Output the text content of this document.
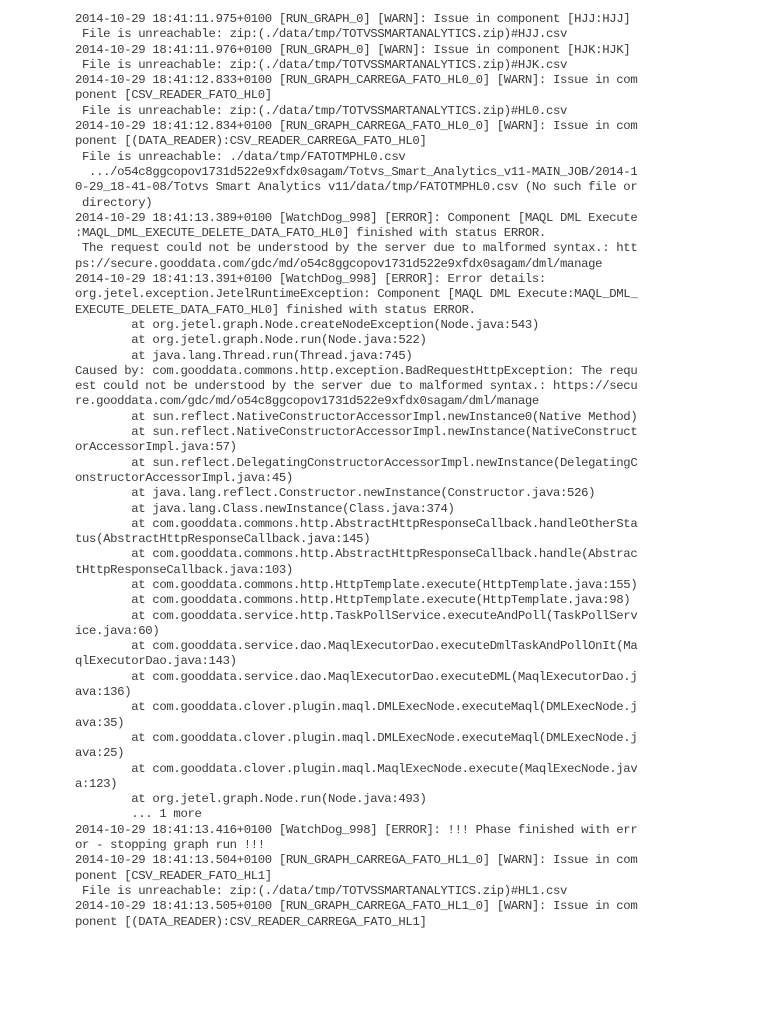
2014-10-29 18:41:11.975+0100 [RUN_GRAPH_0] [WARN]: Issue in component [HJJ:HJJ]
File is unreachable: zip:(./data/tmp/TOTVSSMARTANALYTICS.zip)#HJJ.csv
2014-10-29 18:41:11.976+0100 [RUN_GRAPH_0] [WARN]: Issue in component [HJK:HJK]
File is unreachable: zip:(./data/tmp/TOTVSSMARTANALYTICS.zip)#HJK.csv
2014-10-29 18:41:12.833+0100 [RUN_GRAPH_CARREGA_FATO_HL0_0] [WARN]: Issue in com
ponent [CSV_READER_FATO_HL0]
File is unreachable: zip:(./data/tmp/TOTVSSMARTANALYTICS.zip)#HL0.csv
2014-10-29 18:41:12.834+0100 [RUN_GRAPH_CARREGA_FATO_HL0_0] [WARN]: Issue in com
ponent [(DATA_READER):CSV_READER_CARREGA_FATO_HL0]
File is unreachable: ./data/tmp/FATOTMPHL0.csv
.../o54c8ggcopov1731d522e9xfdx0sagam/Totvs_Smart_Analytics_v11-MAIN_JOB/2014-1
0-29_18-41-08/Totvs Smart Analytics v11/data/tmp/FATOTMPHL0.csv (No such file or
directory)
2014-10-29 18:41:13.389+0100 [WatchDog_998] [ERROR]: Component [MAQL DML Execute
:MAQL_DML_EXECUTE_DELETE_DATA_FATO_HL0] finished with status ERROR.
The request could not be understood by the server due to malformed syntax.: htt
ps://secure.gooddata.com/gdc/md/o54c8ggcopov1731d522e9xfdx0sagam/dml/manage
2014-10-29 18:41:13.391+0100 [WatchDog_998] [ERROR]: Error details:
org.jetel.exception.JetelRuntimeException: Component [MAQL DML Execute:MAQL_DML_
EXECUTE_DELETE_DATA_FATO_HL0] finished with status ERROR.
at org.jetel.graph.Node.createNodeException(Node.java:543)
at org.jetel.graph.Node.run(Node.java:522)
at java.lang.Thread.run(Thread.java:745)
Caused by: com.gooddata.commons.http.exception.BadRequestHttpException: The requ
est could not be understood by the server due to malformed syntax.: https://secu
re.gooddata.com/gdc/md/o54c8ggcopov1731d522e9xfdx0sagam/dml/manage
at sun.reflect.NativeConstructorAccessorImpl.newInstance0(Native Method)
at sun.reflect.NativeConstructorAccessorImpl.newInstance(NativeConstruct
orAccessorImpl.java:57)
at sun.reflect.DelegatingConstructorAccessorImpl.newInstance(DelegatingC
onstructorAccessorImpl.java:45)
at java.lang.reflect.Constructor.newInstance(Constructor.java:526)
at java.lang.Class.newInstance(Class.java:374)
at com.gooddata.commons.http.AbstractHttpResponseCallback.handleOtherSta
tus(AbstractHttpResponseCallback.java:145)
at com.gooddata.commons.http.AbstractHttpResponseCallback.handle(Abstrac
tHttpResponseCallback.java:103)
at com.gooddata.commons.http.HttpTemplate.execute(HttpTemplate.java:155)
at com.gooddata.commons.http.HttpTemplate.execute(HttpTemplate.java:98)
at com.gooddata.service.http.TaskPollService.executeAndPoll(TaskPollServ
ice.java:60)
at com.gooddata.service.dao.MaqlExecutorDao.executeDmlTaskAndPollOnIt(Ma
qlExecutorDao.java:143)
at com.gooddata.service.dao.MaqlExecutorDao.executeDML(MaqlExecutorDao.j
ava:136)
at com.gooddata.clover.plugin.maql.DMLExecNode.executeMaql(DMLExecNode.j
ava:35)
at com.gooddata.clover.plugin.maql.DMLExecNode.executeMaql(DMLExecNode.j
ava:25)
at com.gooddata.clover.plugin.maql.MaqlExecNode.execute(MaqlExecNode.jav
a:123)
at org.jetel.graph.Node.run(Node.java:493)
... 1 more
2014-10-29 18:41:13.416+0100 [WatchDog_998] [ERROR]: !!! Phase finished with err
or - stopping graph run !!!
2014-10-29 18:41:13.504+0100 [RUN_GRAPH_CARREGA_FATO_HL1_0] [WARN]: Issue in com
ponent [CSV_READER_FATO_HL1]
File is unreachable: zip:(./data/tmp/TOTVSSMARTANALYTICS.zip)#HL1.csv
2014-10-29 18:41:13.505+0100 [RUN_GRAPH_CARREGA_FATO_HL1_0] [WARN]: Issue in com
ponent [(DATA_READER):CSV_READER_CARREGA_FATO_HL1]
